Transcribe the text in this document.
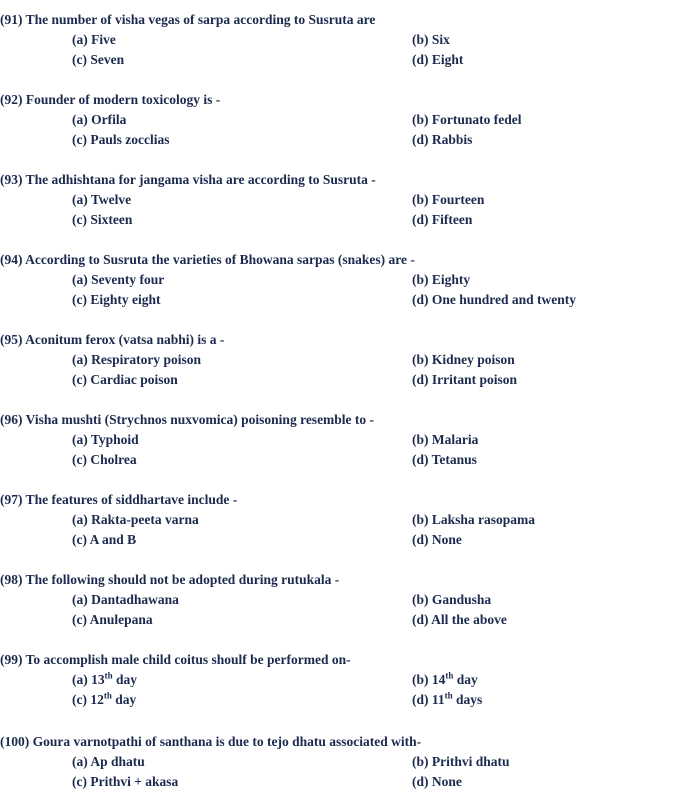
(91) The number of visha vegas of sarpa according to Susruta are
(a) Five	(b) Six
(c) Seven	(d) Eight
(92) Founder of modern toxicology is -
(a) Orfila	(b) Fortunato fedel
(c) Pauls zocclias	(d) Rabbis
(93) The adhishtana for jangama visha are according to Susruta -
(a) Twelve	(b) Fourteen
(c) Sixteen	(d) Fifteen
(94) According to Susruta the varieties of Bhowana sarpas (snakes) are -
(a) Seventy four	(b) Eighty
(c) Eighty eight	(d) One hundred and twenty
(95) Aconitum ferox (vatsa nabhi) is a -
(a) Respiratory poison	(b) Kidney poison
(c) Cardiac poison	(d) Irritant poison
(96) Visha mushti (Strychnos nuxvomica) poisoning resemble to -
(a) Typhoid	(b) Malaria
(c) Cholrea	(d) Tetanus
(97) The features of siddhartave include -
(a) Rakta-peeta varna	(b) Laksha rasopama
(c) A and B	(d) None
(98) The following should not be adopted during rutukala -
(a) Dantadhawana	(b) Gandusha
(c) Anulepana	(d) All the above
(99) To accomplish male child coitus shoulf be performed on-
(a) 13th day	(b) 14th day
(c) 12th day	(d) 11th days
(100) Goura varnotpathi of santhana is due to tejo dhatu associated with-
(a) Ap dhatu	(b) Prithvi dhatu
(c) Prithvi + akasa	(d) None
